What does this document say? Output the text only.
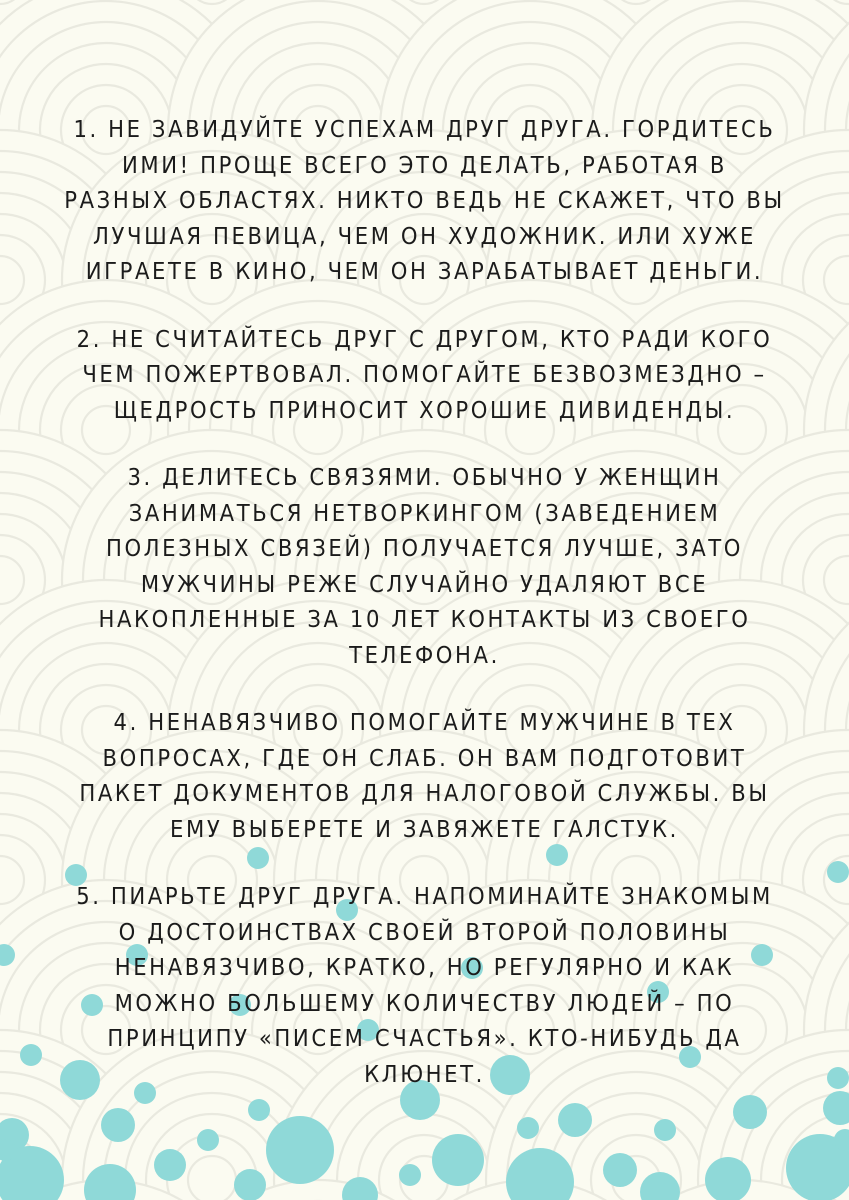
1. НЕ ЗАВИДУЙТЕ УСПЕХАМ ДРУГ ДРУГА. ГОРДИТЕСЬ
ИМИ! ПРОЩЕ ВСЕГО ЭТО ДЕЛАТЬ, РАБОТАЯ В
РАЗНЫХ ОБЛАСТЯХ. НИКТО ВЕДЬ НЕ СКАЖЕТ, ЧТО ВЫ
ЛУЧШАЯ ПЕВИЦА, ЧЕМ ОН ХУДОЖНИК. ИЛИ ХУЖЕ
ИГРАЕТЕ В КИНО, ЧЕМ ОН ЗАРАБАТЫВАЕТ ДЕНЬГИ.

2. НЕ СЧИТАЙТЕСЬ ДРУГ С ДРУГОМ, КТО РАДИ КОГО
ЧЕМ ПОЖЕРТВОВАЛ. ПОМОГАЙТЕ БЕЗВОЗМЕЗДНО –
ЩЕДРОСТЬ ПРИНОСИТ ХОРОШИЕ ДИВИДЕНДЫ.

3. ДЕЛИТЕСЬ СВЯЗЯМИ. ОБЫЧНО У ЖЕНЩИН
ЗАНИМАТЬСЯ НЕТВОРКИНГОМ (ЗАВЕДЕНИЕМ
ПОЛЕЗНЫХ СВЯЗЕЙ) ПОЛУЧАЕТСЯ ЛУЧШЕ, ЗАТО
МУЖЧИНЫ РЕЖЕ СЛУЧАЙНО УДАЛЯЮТ ВСЕ
НАКОПЛЕННЫЕ ЗА 10 ЛЕТ КОНТАКТЫ ИЗ СВОЕГО
ТЕЛЕФОНА.

4. НЕНАВЯЗЧИВО ПОМОГАЙТЕ МУЖЧИНЕ В ТЕХ
ВОПРОСАХ, ГДЕ ОН СЛАБ. ОН ВАМ ПОДГОТОВИТ
ПАКЕТ ДОКУМЕНТОВ ДЛЯ НАЛОГОВОЙ СЛУЖБЫ. ВЫ
ЕМУ ВЫБЕРЕТЕ И ЗАВЯЖЕТЕ ГАЛСТУК.

5. ПИАРЬТЕ ДРУГ ДРУГА. НАПОМИНАЙТЕ ЗНАКОМЫМ
О ДОСТОИНСТВАХ СВОЕЙ ВТОРОЙ ПОЛОВИНЫ
НЕНАВЯЗЧИВО, КРАТКО, НО РЕГУЛЯРНО И КАК
МОЖНО БОЛЬШЕМУ КОЛИЧЕСТВУ ЛЮДЕЙ – ПО
ПРИНЦИПУ «ПИСЕМ СЧАСТЬЯ». КТО-НИБУДЬ ДА
КЛЮНЕТ.
